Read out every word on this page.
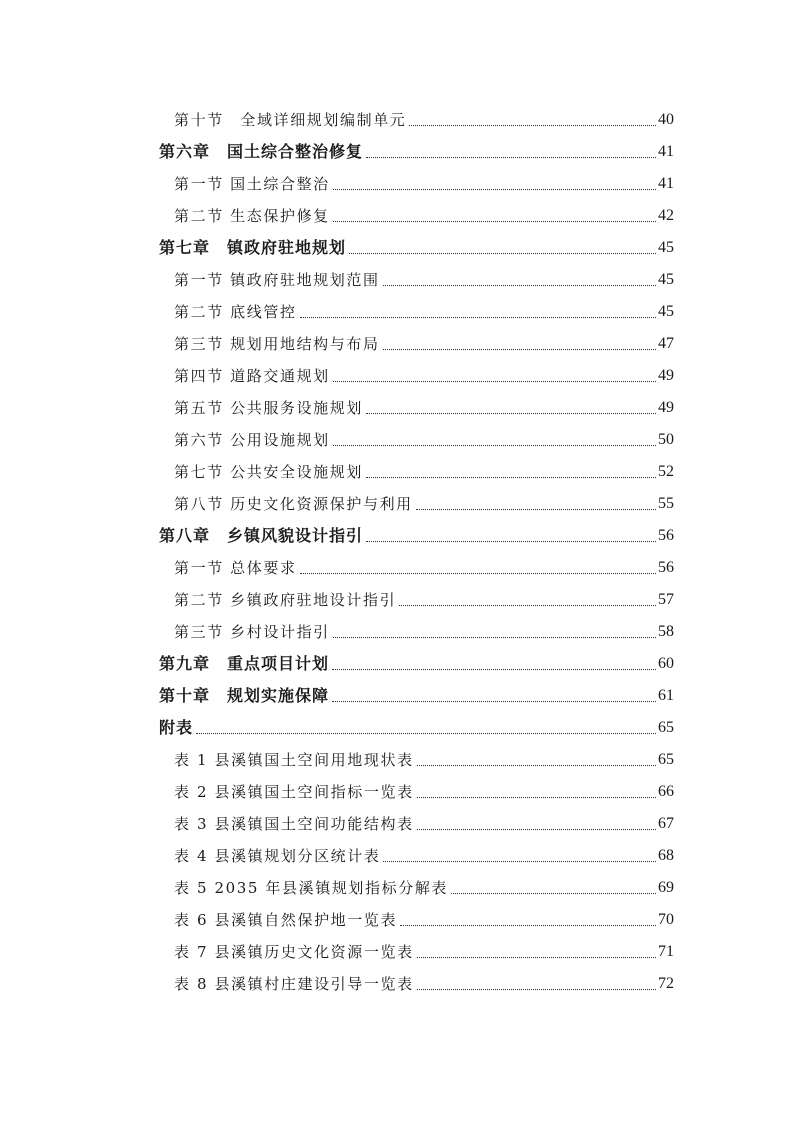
第十节　全域详细规划编制单元	40
第六章　国土综合整治修复	41
第一节 国土综合整治	41
第二节 生态保护修复	42
第七章　镇政府驻地规划	45
第一节 镇政府驻地规划范围	45
第二节 底线管控	45
第三节 规划用地结构与布局	47
第四节 道路交通规划	49
第五节 公共服务设施规划	49
第六节 公用设施规划	50
第七节 公共安全设施规划	52
第八节 历史文化资源保护与利用	55
第八章　乡镇风貌设计指引	56
第一节 总体要求	56
第二节 乡镇政府驻地设计指引	57
第三节 乡村设计指引	58
第九章　重点项目计划	60
第十章　规划实施保障	61
附表	65
表 1 县溪镇国土空间用地现状表	65
表 2 县溪镇国土空间指标一览表	66
表 3 县溪镇国土空间功能结构表	67
表 4 县溪镇规划分区统计表	68
表 5 2035 年县溪镇规划指标分解表	69
表 6 县溪镇自然保护地一览表	70
表 7 县溪镇历史文化资源一览表	71
表 8 县溪镇村庄建设引导一览表	72
